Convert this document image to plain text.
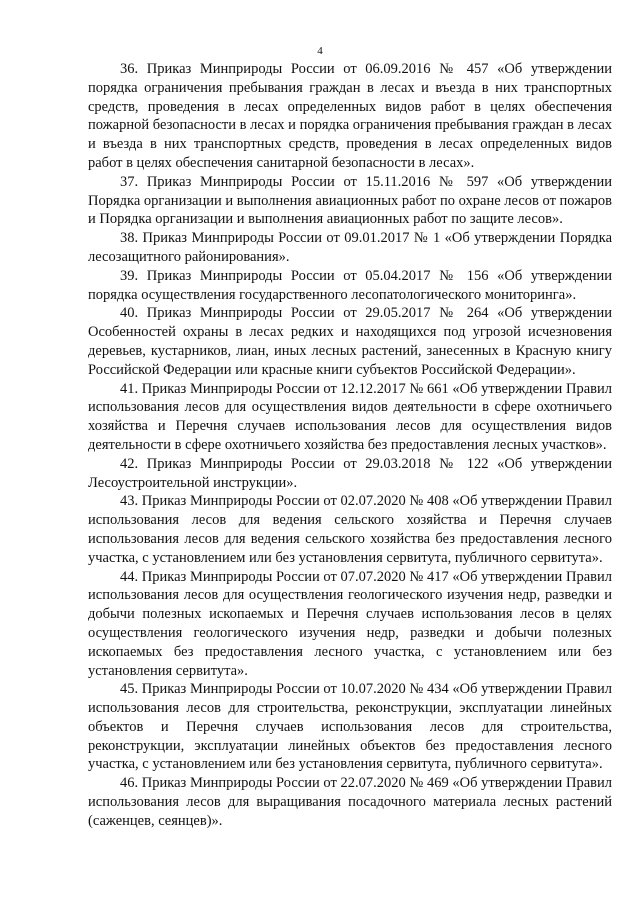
4

36. Приказ Минприроды России от 06.09.2016 № 457 «Об утверждении порядка ограничения пребывания граждан в лесах и въезда в них транспортных средств, проведения в лесах определенных видов работ в целях обеспечения пожарной безопасности в лесах и порядка ограничения пребывания граждан в лесах и въезда в них транспортных средств, проведения в лесах определенных видов работ в целях обеспечения санитарной безопасности в лесах».

37. Приказ Минприроды России от 15.11.2016 № 597 «Об утверждении Порядка организации и выполнения авиационных работ по охране лесов от пожаров и Порядка организации и выполнения авиационных работ по защите лесов».

38. Приказ Минприроды России от 09.01.2017 № 1 «Об утверждении Порядка лесозащитного районирования».

39. Приказ Минприроды России от 05.04.2017 № 156 «Об утверждении порядка осуществления государственного лесопатологического мониторинга».

40. Приказ Минприроды России от 29.05.2017 № 264 «Об утверждении Особенностей охраны в лесах редких и находящихся под угрозой исчезновения деревьев, кустарников, лиан, иных лесных растений, занесенных в Красную книгу Российской Федерации или красные книги субъектов Российской Федерации».

41. Приказ Минприроды России от 12.12.2017 № 661 «Об утверждении Правил использования лесов для осуществления видов деятельности в сфере охотничьего хозяйства и Перечня случаев использования лесов для осуществления видов деятельности в сфере охотничьего хозяйства без предоставления лесных участков».

42. Приказ Минприроды России от 29.03.2018 № 122 «Об утверждении Лесоустроительной инструкции».

43. Приказ Минприроды России от 02.07.2020 № 408 «Об утверждении Правил использования лесов для ведения сельского хозяйства и Перечня случаев использования лесов для ведения сельского хозяйства без предоставления лесного участка, с установлением или без установления сервитута, публичного сервитута».

44. Приказ Минприроды России от 07.07.2020 № 417 «Об утверждении Правил использования лесов для осуществления геологического изучения недр, разведки и добычи полезных ископаемых и Перечня случаев использования лесов в целях осуществления геологического изучения недр, разведки и добычи полезных ископаемых без предоставления лесного участка, с установлением или без установления сервитута».

45. Приказ Минприроды России от 10.07.2020 № 434 «Об утверждении Правил использования лесов для строительства, реконструкции, эксплуатации линейных объектов и Перечня случаев использования лесов для строительства, реконструкции, эксплуатации линейных объектов без предоставления лесного участка, с установлением или без установления сервитута, публичного сервитута».

46. Приказ Минприроды России от 22.07.2020 № 469 «Об утверждении Правил использования лесов для выращивания посадочного материала лесных растений (саженцев, сеянцев)».
